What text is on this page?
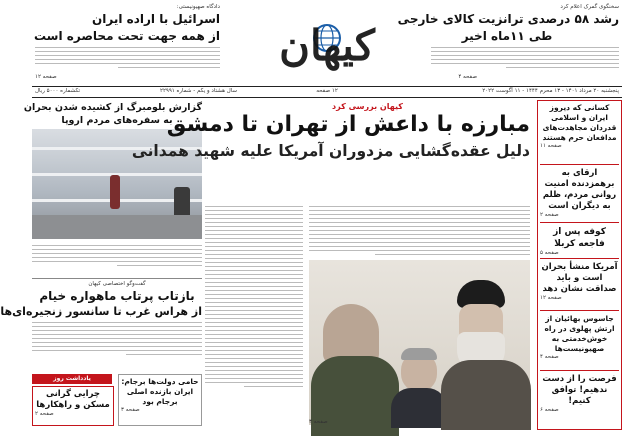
سخنگوی گمرک اعلام کرد
رشد ۵۸ درصدی ترانزیت کالای خارجی
طی ۱۱ماه اخیر
صفحه ۴
کیهان
دادگاه صهیونیستی:
اسرائیل با اراده ایران
از همه جهت تحت محاصره است
صفحه ۱۲
پنجشنبه ۲۰ مرداد ۱۴۰۱ - ۱۳ محرم ۱۴۴۴ - ۱۱ آگوست ۲۰۲۲
۱۲ صفحه
سال هشتاد و یکم - شماره ۲۲۹۹۱
تکشماره ۵۰۰۰ ریال
گزارش بلومبرگ از کشیده شدن بحران
به سفره‌های مردم اروپا
گفت‌وگو اختصاصی کیهان
بازتاب پرتاب ماهواره خیام
از هراس غرب تا سانسور زنجیره‌ای‌ها
یادداشت روز
چرایی گرانی مسکن و راهکارها
صفحه ۲
حامی دولت‌ها برجام: ایران بازنده اصلی برجام بود
صفحه ۳
کیهان بررسی کرد
مبارزه با داعش از تهران تا دمشق
دلیل عقده‌گشایی مزدوران آمریکا علیه شهید همدانی
صفحه ۳
کسانی که دیروز ایران و اسلامی قدردان مجاهدت‌های مدافعان حرم هستند
صفحه ۱۱
ارقای به برهمزدنده امنیت روانی مردم، ظلم به دیگران است
صفحه ۲
کوفه پس از فاجعه کربلا
صفحه ۵
آمریکا منشأ بحران است و باید صداقت نشان دهد
صفحه ۱۲
جاسوس بهائیان از ارتش پهلوی در راه خوش‌خدمتی به صهیونیست‌ها
صفحه ۴
فرصت را از دست ندهیم! توافق کنیم!
صفحه ۶
